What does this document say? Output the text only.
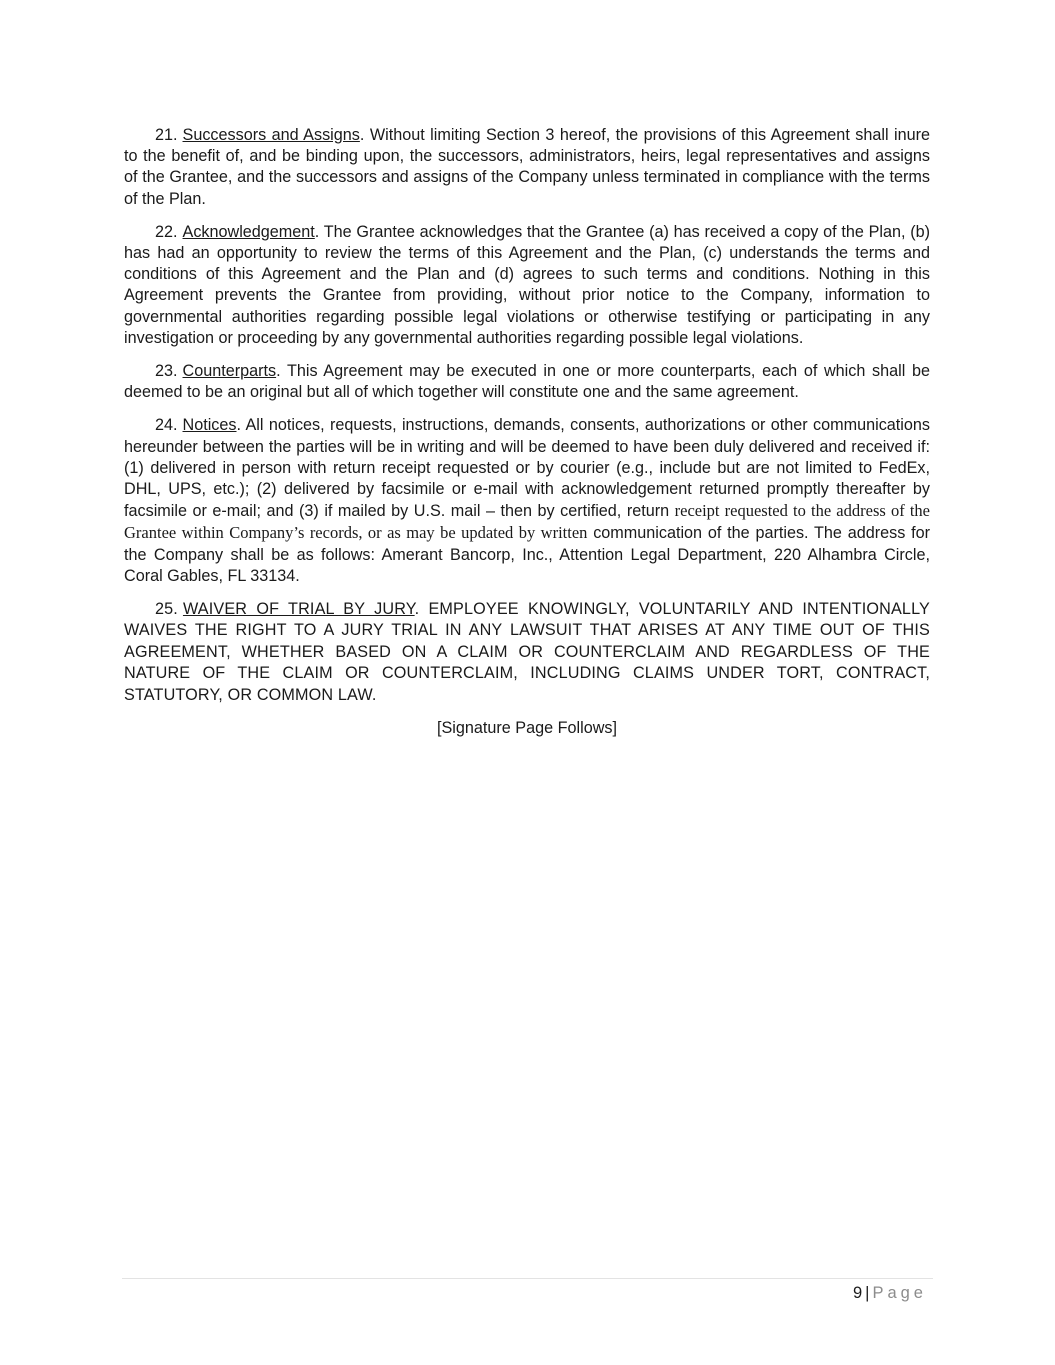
21. Successors and Assigns. Without limiting Section 3 hereof, the provisions of this Agreement shall inure to the benefit of, and be binding upon, the successors, administrators, heirs, legal representatives and assigns of the Grantee, and the successors and assigns of the Company unless terminated in compliance with the terms of the Plan.

22. Acknowledgement. The Grantee acknowledges that the Grantee (a) has received a copy of the Plan, (b) has had an opportunity to review the terms of this Agreement and the Plan, (c) understands the terms and conditions of this Agreement and the Plan and (d) agrees to such terms and conditions. Nothing in this Agreement prevents the Grantee from providing, without prior notice to the Company, information to governmental authorities regarding possible legal violations or otherwise testifying or participating in any investigation or proceeding by any governmental authorities regarding possible legal violations.

23. Counterparts. This Agreement may be executed in one or more counterparts, each of which shall be deemed to be an original but all of which together will constitute one and the same agreement.

24. Notices. All notices, requests, instructions, demands, consents, authorizations or other communications hereunder between the parties will be in writing and will be deemed to have been duly delivered and received if: (1) delivered in person with return receipt requested or by courier (e.g., include but are not limited to FedEx, DHL, UPS, etc.); (2) delivered by facsimile or e-mail with acknowledgement returned promptly thereafter by facsimile or e-mail; and (3) if mailed by U.S. mail – then by certified, return receipt requested to the address of the Grantee within Company’s records, or as may be updated by written communication of the parties. The address for the Company shall be as follows: Amerant Bancorp, Inc., Attention Legal Department, 220 Alhambra Circle, Coral Gables, FL 33134.

25. WAIVER OF TRIAL BY JURY. EMPLOYEE KNOWINGLY, VOLUNTARILY AND INTENTIONALLY WAIVES THE RIGHT TO A JURY TRIAL IN ANY LAWSUIT THAT ARISES AT ANY TIME OUT OF THIS AGREEMENT, WHETHER BASED ON A CLAIM OR COUNTERCLAIM AND REGARDLESS OF THE NATURE OF THE CLAIM OR COUNTERCLAIM, INCLUDING CLAIMS UNDER TORT, CONTRACT, STATUTORY, OR COMMON LAW.

[Signature Page Follows]

9 | Page
